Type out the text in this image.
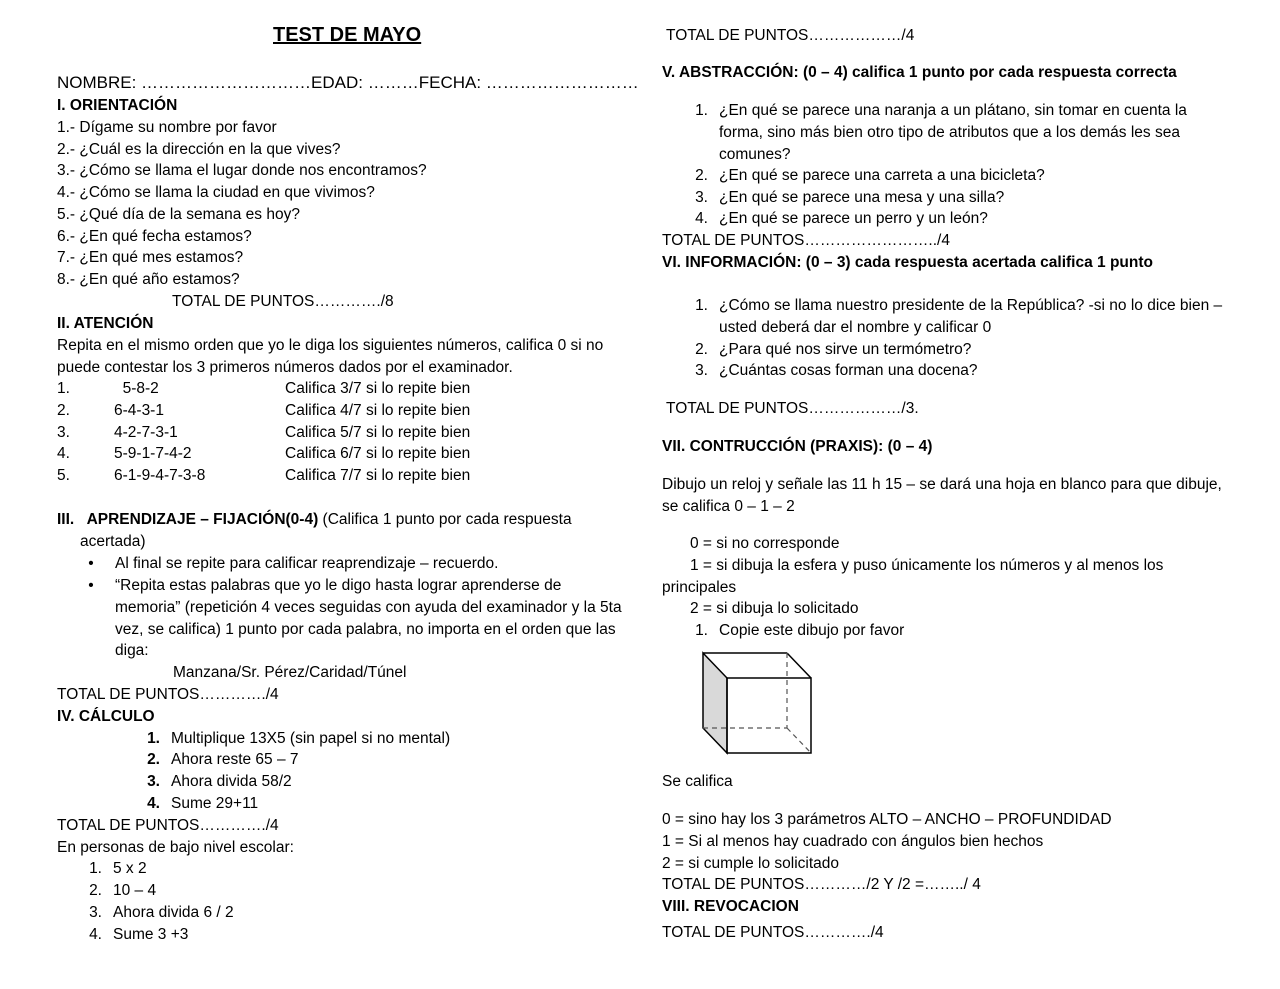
TEST DE MAYO
NOMBRE: …………………………EDAD: ………FECHA: ………………………
I. ORIENTACIÓN
1.- Dígame su nombre por favor
2.- ¿Cuál es la dirección en la que vives?
3.- ¿Cómo se llama el lugar donde nos encontramos?
4.- ¿Cómo se llama la ciudad en que vivimos?
5.- ¿Qué día de la semana es hoy?
6.- ¿En qué fecha estamos?
7.- ¿En qué mes estamos?
8.- ¿En qué año estamos?
TOTAL DE PUNTOS…………./8
II. ATENCIÓN
Repita en el mismo orden que yo le diga los siguientes números, califica 0 si no puede contestar los 3 primeros números dados por el examinador.
1.	5-8-2	Califica 3/7 si lo repite bien
2.	6-4-3-1	Califica 4/7 si lo repite bien
3.	4-2-7-3-1	Califica 5/7 si lo repite bien
4.	5-9-1-7-4-2	Califica 6/7 si lo repite bien
5.	6-1-9-4-7-3-8	Califica 7/7 si lo repite bien
III.   APRENDIZAJE – FIJACIÓN(0-4) (Califica 1 punto por cada respuesta
acertada)
•	Al final se repite para calificar reaprendizaje – recuerdo.
•	“Repita estas palabras que yo le digo hasta lograr aprenderse de memoria” (repetición 4 veces seguidas con ayuda del examinador y la 5ta vez, se califica) 1 punto por cada palabra, no importa en el orden que las diga:
Manzana/Sr. Pérez/Caridad/Túnel
TOTAL DE PUNTOS…………./4
IV. CÁLCULO
1. Multiplique 13X5 (sin papel si no mental)
2. Ahora reste 65 – 7
3. Ahora divida 58/2
4. Sume 29+11
TOTAL DE PUNTOS…………./4
En personas de bajo nivel escolar:
1. 5 x 2
2. 10 – 4
3. Ahora divida 6 / 2
4. Sume 3 +3
TOTAL DE PUNTOS………………/4
V. ABSTRACCIÓN: (0 – 4) califica 1 punto por cada respuesta correcta
1. ¿En qué se parece una naranja a un plátano, sin tomar en cuenta la forma, sino más bien otro tipo de atributos que a los demás les sea comunes?
2. ¿En qué se parece una carreta a una bicicleta?
3. ¿En qué se parece una mesa y una silla?
4. ¿En qué se parece un perro y un león?
TOTAL DE PUNTOS……………………../4
VI. INFORMACIÓN: (0 – 3) cada respuesta acertada califica 1 punto
1. ¿Cómo se llama nuestro presidente de la República? -si no lo dice bien – usted deberá dar el nombre y calificar 0
2. ¿Para qué nos sirve un termómetro?
3. ¿Cuántas cosas forman una docena?
TOTAL DE PUNTOS………………/3.
VII. CONTRUCCIÓN (PRAXIS): (0 – 4)
Dibujo un reloj y señale las 11 h 15 – se dará una hoja en blanco para que dibuje, se califica 0 – 1 – 2
0 = si no corresponde
1 = si dibuja la esfera y puso únicamente los números y al menos los principales
2 = si dibuja lo solicitado
1. Copie este dibujo por favor
Se califica
0 = sino hay los 3 parámetros ALTO – ANCHO – PROFUNDIDAD
1 = Si al menos hay cuadrado con ángulos bien hechos
2 = si cumple lo solicitado
TOTAL DE PUNTOS…………/2 Y /2 =……../ 4
VIII. REVOCACION
TOTAL DE PUNTOS…………./4
